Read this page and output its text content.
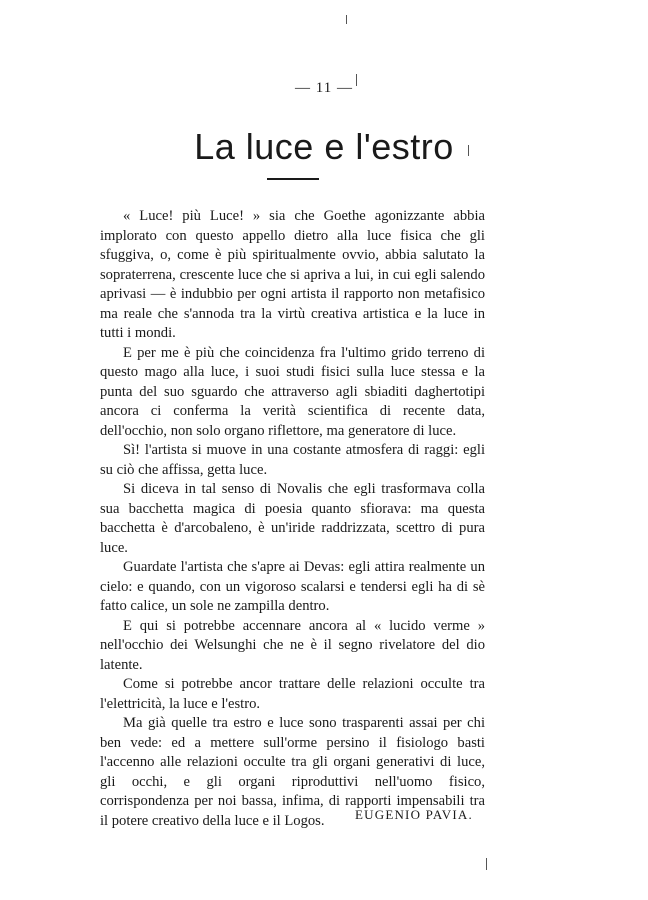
— 11 —
La luce e l'estro

« Luce! più Luce! » sia che Goethe agonizzante abbia implorato con questo appello dietro alla luce fisica che gli sfuggiva, o, come è più spiritualmente ovvio, abbia salutato la sopraterrena, crescente luce che si apriva a lui, in cui egli salendo aprivasi — è indubbio per ogni artista il rapporto non metafisico ma reale che s'annoda tra la virtù creativa artistica e la luce in tutti i mondi.

E per me è più che coincidenza fra l'ultimo grido terreno di questo mago alla luce, i suoi studi fisici sulla luce stessa e la punta del suo sguardo che attraverso agli sbiaditi daghertotipi ancora ci conferma la verità scientifica di recente data, dell'occhio, non solo organo riflettore, ma generatore di luce.

Sì! l'artista si muove in una costante atmosfera di raggi: egli su ciò che affissa, getta luce.

Si diceva in tal senso di Novalis che egli trasformava colla sua bacchetta magica di poesia quanto sfiorava: ma questa bacchetta è d'arcobaleno, è un'iride raddrizzata, scettro di pura luce.

Guardate l'artista che s'apre ai Devas: egli attira realmente un cielo: e quando, con un vigoroso scalarsi e tendersi egli ha di sè fatto calice, un sole ne zampilla dentro.

E qui si potrebbe accennare ancora al « lucido verme » nell'occhio dei Welsunghi che ne è il segno rivelatore del dio latente.

Come si potrebbe ancor trattare delle relazioni occulte tra l'elettricità, la luce e l'estro.

Ma già quelle tra estro e luce sono trasparenti assai per chi ben vede: ed a mettere sull'orme persino il fisiologo basti l'accenno alle relazioni occulte tra gli organi generativi di luce, gli occhi, e gli organi riproduttivi nell'uomo fisico, corrispondenza per noi bassa, infima, di rapporti impensabili tra il potere creativo della luce e il Logos.	EUGENIO PAVIA.
